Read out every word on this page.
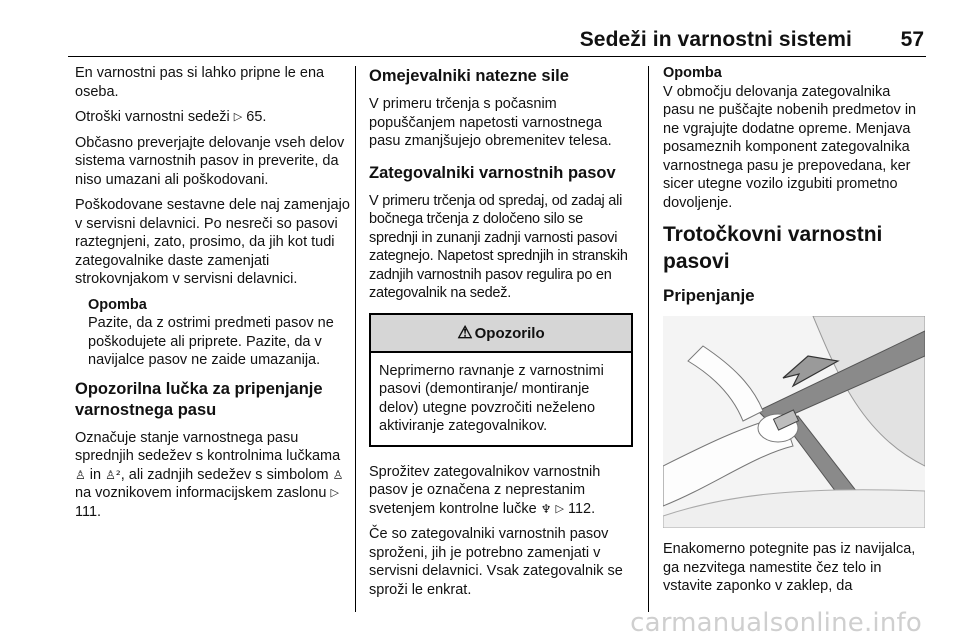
Sedeži in varnostni sistemi 57

En varnostni pas si lahko pripne le ena oseba.

Otroški varnostni sedeži ▷ 65.

Občasno preverjajte delovanje vseh delov sistema varnostnih pasov in preverite, da niso umazani ali poškodovani.

Poškodovane sestavne dele naj zamenjajo v servisni delavnici. Po nesreči so pasovi raztegnjeni, zato, prosimo, da jih kot tudi zategovalnike daste zamenjati strokovnjakom v servisni delavnici.

Opomba
Pazite, da z ostrimi predmeti pasov ne poškodujete ali priprete. Pazite, da v navijalce pasov ne zaide umazanija.
Opozorilna lučka za pripenjanje varnostnega pasu

Označuje stanje varnostnega pasu sprednjih sedežev s kontrolnima lučkama ♙ in ♙², ali zadnjih sedežev s simbolom ♙ na voznikovem informacijskem zaslonu ▷ 111.

Omejevalniki natezne sile

V primeru trčenja s počasnim popuščanjem napetosti varnostnega pasu zmanjšujejo obremenitev telesa.

Zategovalniki varnostnih pasov

V primeru trčenja od spredaj, od zadaj ali bočnega trčenja z določeno silo se sprednji in zunanji zadnji varnosti pasovi zategnejo. Napetost sprednjih in stranskih zadnjih varnostnih pasov regulira po en zategovalnik na sedež.

⚠ Opozorilo
Neprimerno ravnanje z varnostnimi pasovi (demontiranje/ montiranje delov) utegne povzročiti neželeno aktiviranje zategovalnikov.

Sprožitev zategovalnikov varnostnih pasov je označena z neprestanim svetenjem kontrolne lučke ♆ ▷ 112.

Če so zategovalniki varnostnih pasov sproženi, jih je potrebno zamenjati v servisni delavnici. Vsak zategovalnik se sproži le enkrat.

Opomba
V območju delovanja zategovalnika pasu ne puščajte nobenih predmetov in ne vgrajujte dodatne opreme. Menjava posameznih komponent zategovalnika varnostnega pasu je prepovedana, ker sicer utegne vozilo izgubiti prometno dovoljenje.
Trotočkovni varnostni pasovi
Pripenjanje

Enakomerno potegnite pas iz navijalca, ga nezvitega namestite čez telo in vstavite zaponko v zaklep, da

carmanualsonline.info
